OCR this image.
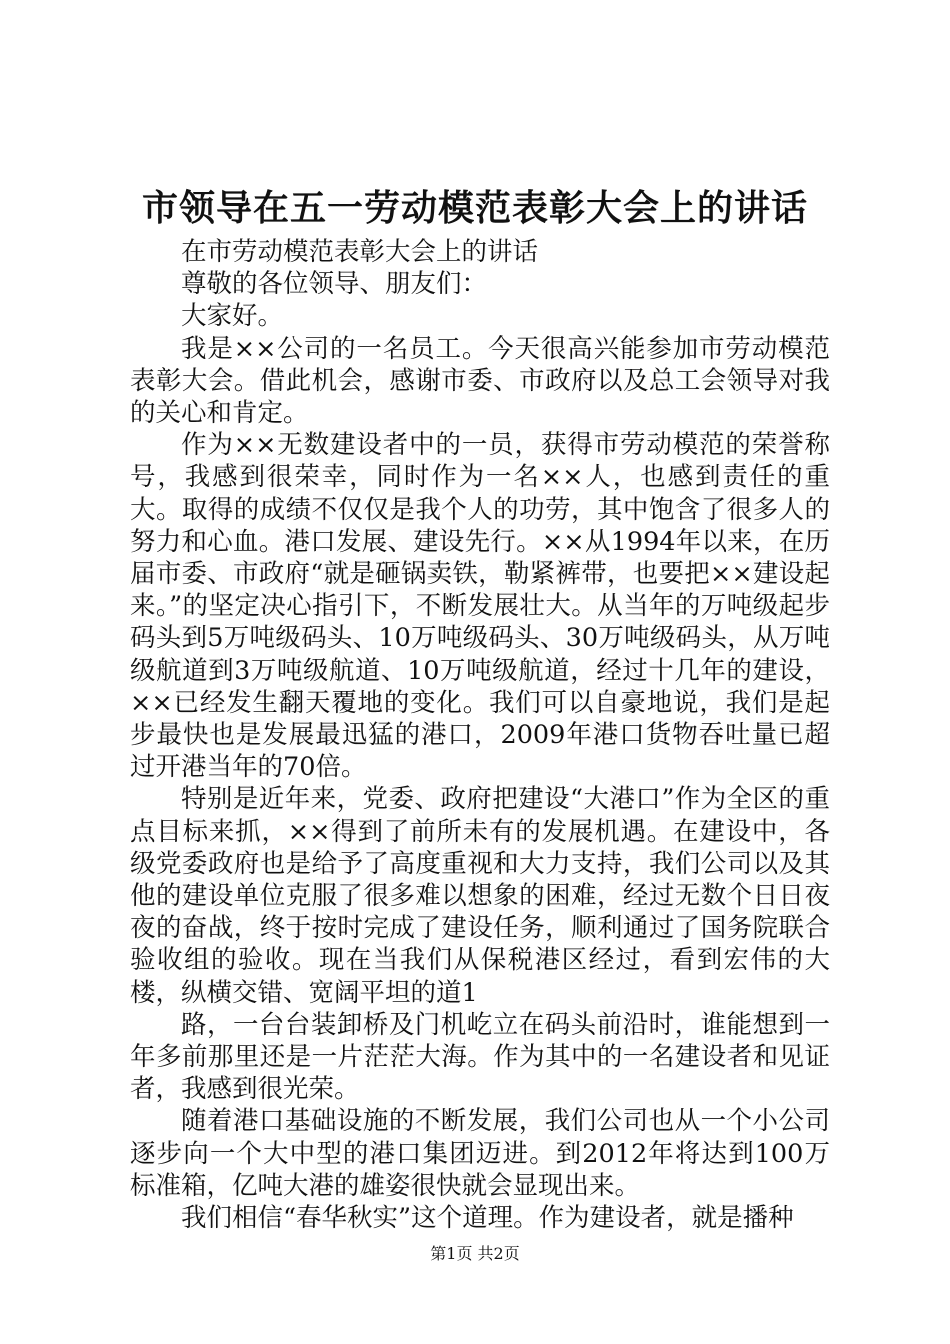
市领导在五一劳动模范表彰大会上的讲话

在市劳动模范表彰大会上的讲话

尊敬的各位领导、朋友们：

大家好。

我是××公司的一名员工。今天很高兴能参加市劳动模范表彰大会。借此机会，感谢市委、市政府以及总工会领导对我的关心和肯定。

作为××无数建设者中的一员，获得市劳动模范的荣誉称号，我感到很荣幸，同时作为一名××人，也感到责任的重大。取得的成绩不仅仅是我个人的功劳，其中饱含了很多人的努力和心血。港口发展、建设先行。××从1994年以来，在历届市委、市政府“就是砸锅卖铁，勒紧裤带，也要把××建设起来。”的坚定决心指引下，不断发展壮大。从当年的万吨级起步码头到5万吨级码头、10万吨级码头、30万吨级码头，从万吨级航道到3万吨级航道、10万吨级航道，经过十几年的建设，××已经发生翻天覆地的变化。我们可以自豪地说，我们是起步最快也是发展最迅猛的港口，2009年港口货物吞吐量已超过开港当年的70倍。

特别是近年来，党委、政府把建设“大港口”作为全区的重点目标来抓，××得到了前所未有的发展机遇。在建设中，各级党委政府也是给予了高度重视和大力支持，我们公司以及其他的建设单位克服了很多难以想象的困难，经过无数个日日夜夜的奋战，终于按时完成了建设任务，顺利通过了国务院联合验收组的验收。现在当我们从保税港区经过，看到宏伟的大楼，纵横交错、宽阔平坦的道1

路，一台台装卸桥及门机屹立在码头前沿时，谁能想到一年多前那里还是一片茫茫大海。作为其中的一名建设者和见证者，我感到很光荣。

随着港口基础设施的不断发展，我们公司也从一个小公司逐步向一个大中型的港口集团迈进。到2012年将达到100万标准箱，亿吨大港的雄姿很快就会显现出来。

我们相信“春华秋实”这个道理。作为建设者，就是播种

第1页 共2页
